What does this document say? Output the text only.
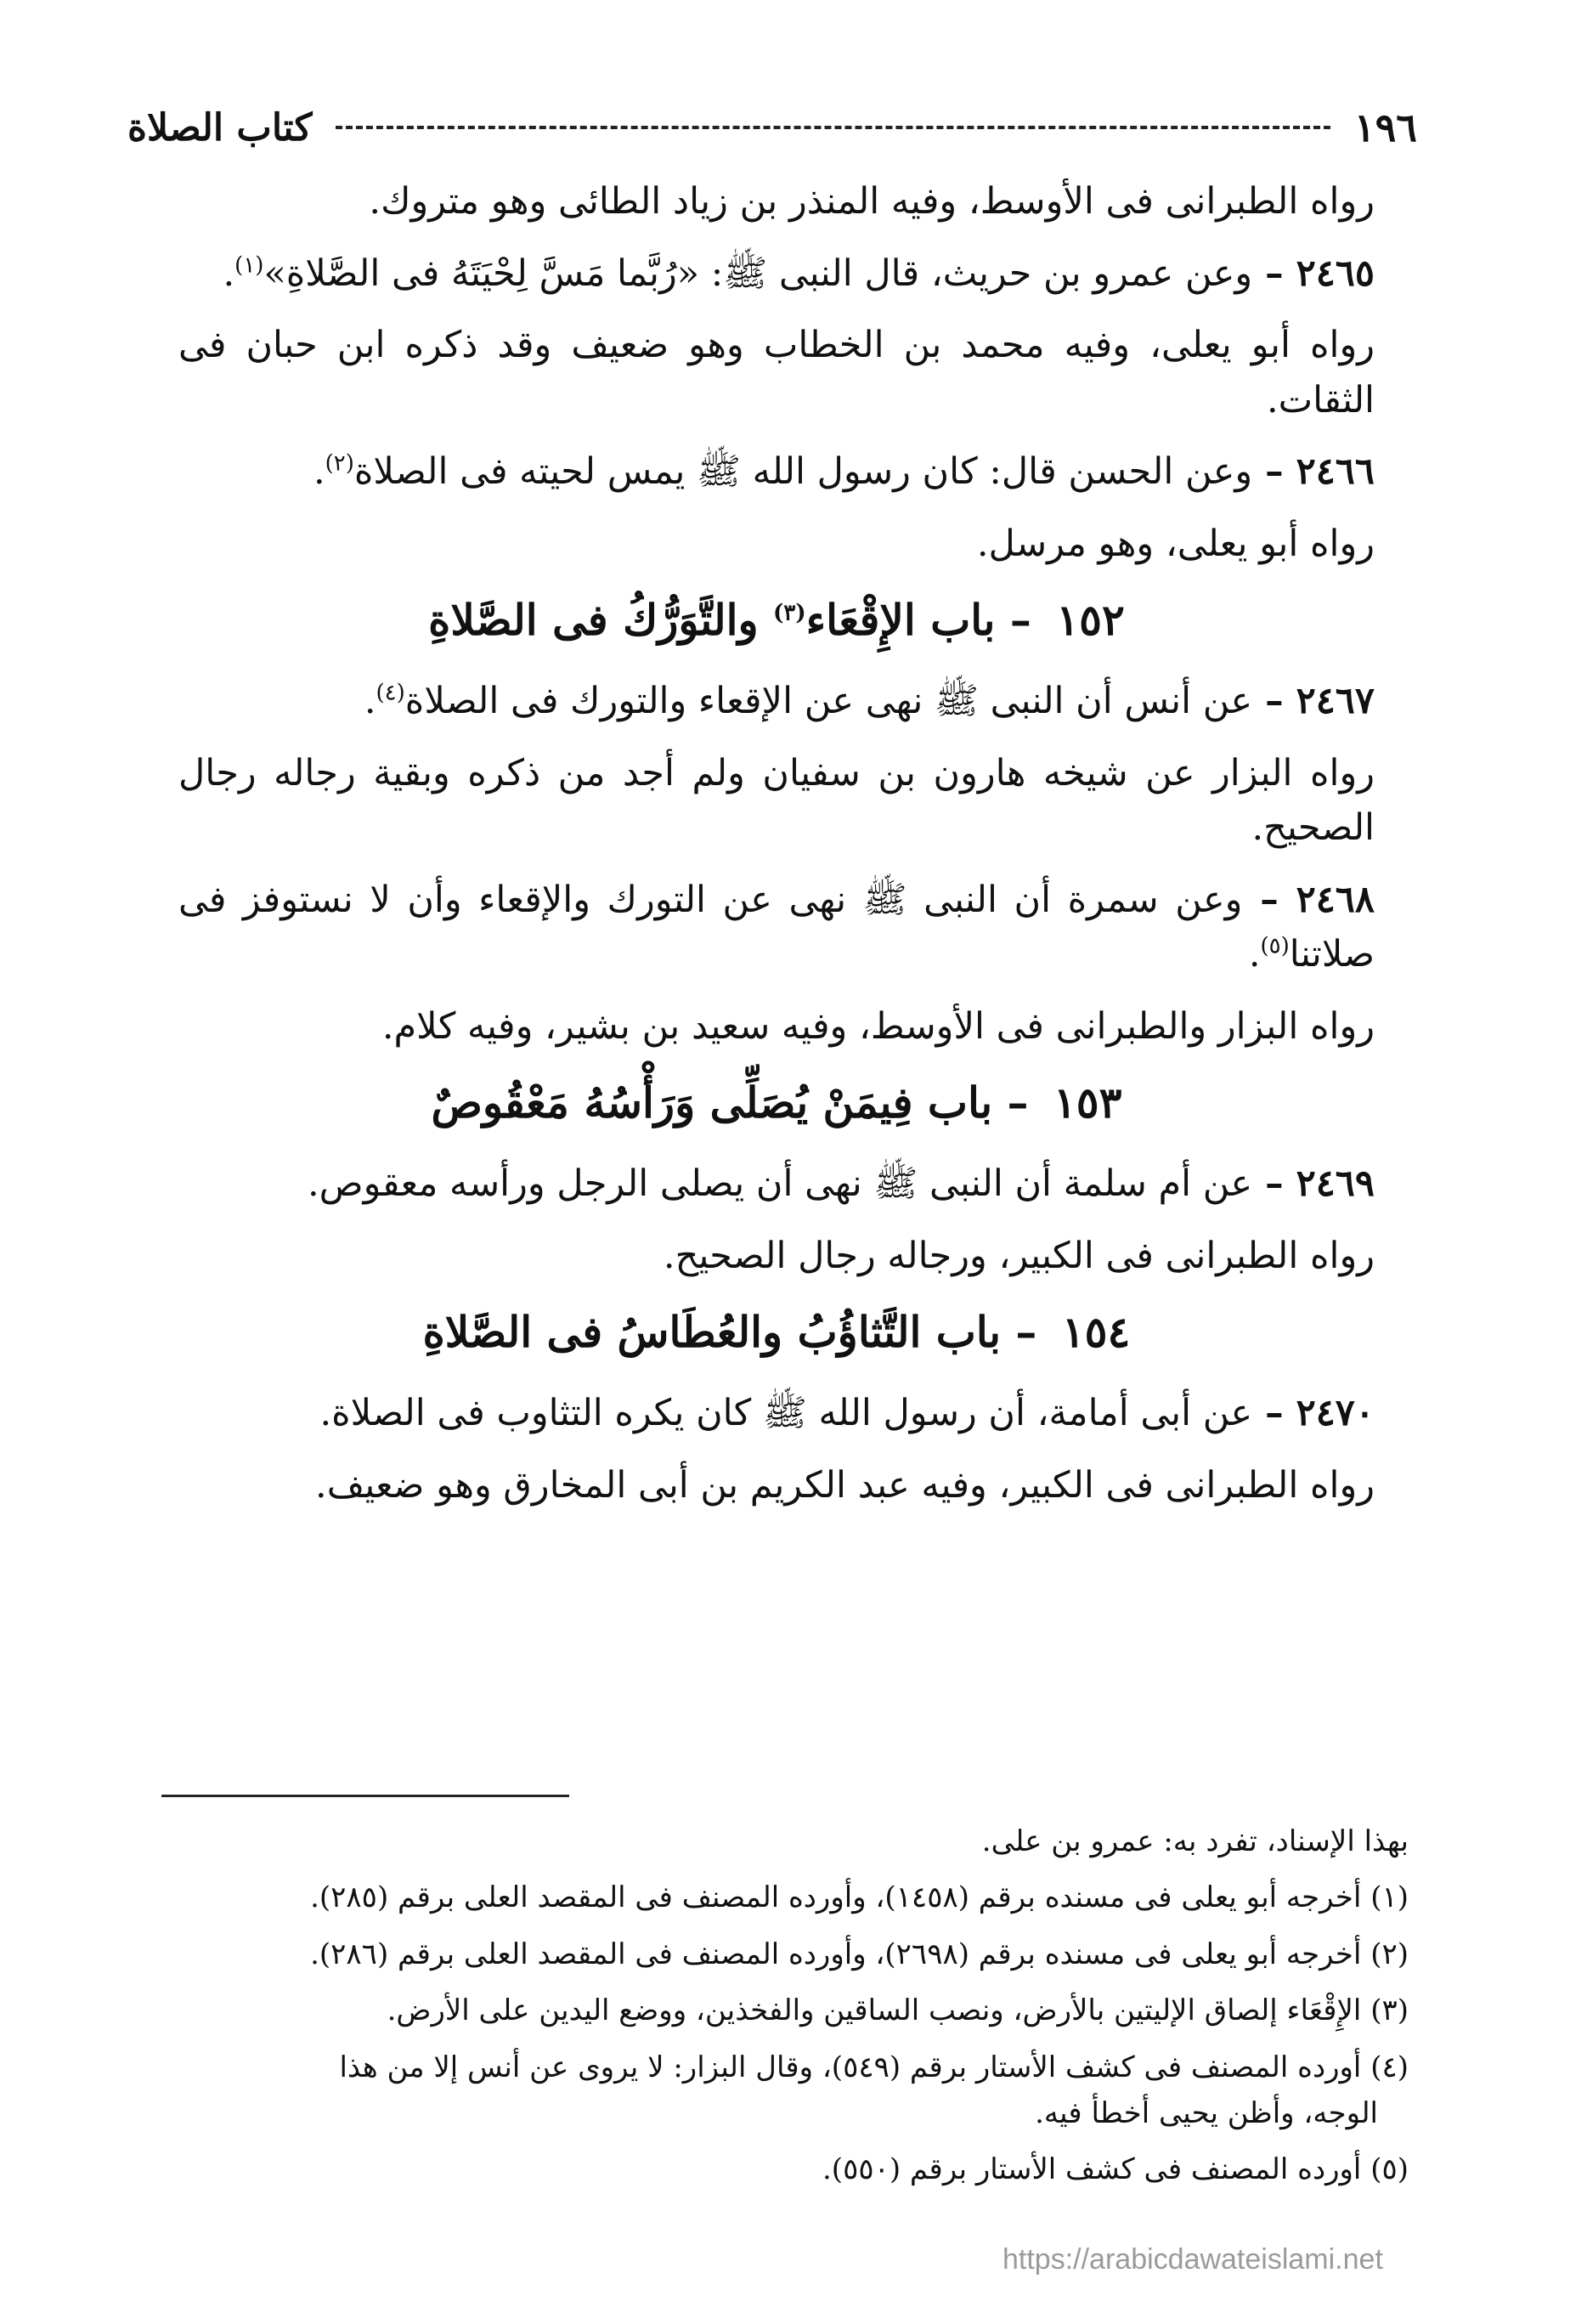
١٩٦
كتاب الصلاة

رواه الطبرانى فى الأوسط، وفيه المنذر بن زياد الطائى وهو متروك.

٢٤٦٥ – وعن عمرو بن حريث، قال النبى ﷺ: «رُبَّما مَسَّ لِحْيَتَهُ فى الصَّلاةِ»$^{(١)}$.

رواه أبو يعلى، وفيه محمد بن الخطاب وهو ضعيف وقد ذكره ابن حبان فى الثقات.

٢٤٦٦ – وعن الحسن قال: كان رسول الله ﷺ يمس لحيته فى الصلاة$^{(٢)}$.

رواه أبو يعلى، وهو مرسل.

١٥٢ – باب الإِقْعَاء$^{(٣)}$ والتَّوَرُّكُ فى الصَّلاةِ

٢٤٦٧ – عن أنس أن النبى ﷺ نهى عن الإقعاء والتورك فى الصلاة$^{(٤)}$.

رواه البزار عن شيخه هارون بن سفيان ولم أجد من ذكره وبقية رجاله رجال الصحيح.

٢٤٦٨ – وعن سمرة أن النبى ﷺ نهى عن التورك والإقعاء وأن لا نستوفز فى صلاتنا$^{(٥)}$.

رواه البزار والطبرانى فى الأوسط، وفيه سعيد بن بشير، وفيه كلام.

١٥٣ – باب فِيمَنْ يُصَلِّى وَرَأْسُهُ مَعْقُوصٌ

٢٤٦٩ – عن أم سلمة أن النبى ﷺ نهى أن يصلى الرجل ورأسه معقوص.

رواه الطبرانى فى الكبير، ورجاله رجال الصحيح.

١٥٤ – باب التَّثاؤُبُ والعُطَاسُ فى الصَّلاةِ

٢٤٧٠ – عن أبى أمامة، أن رسول الله ﷺ كان يكره التثاوب فى الصلاة.

رواه الطبرانى فى الكبير، وفيه عبد الكريم بن أبى المخارق وهو ضعيف.

بهذا الإسناد، تفرد به: عمرو بن على.
(١) أخرجه أبو يعلى فى مسنده برقم (١٤٥٨)، وأورده المصنف فى المقصد العلى برقم (٢٨٥).
(٢) أخرجه أبو يعلى فى مسنده برقم (٢٦٩٨)، وأورده المصنف فى المقصد العلى برقم (٢٨٦).
(٣) الإِقْعَاء إلصاق الإليتين بالأرض، ونصب الساقين والفخذين، ووضع اليدين على الأرض.
(٤) أورده المصنف فى كشف الأستار برقم (٥٤٩)، وقال البزار: لا يروى عن أنس إلا من هذا
الوجه، وأظن يحيى أخطأ فيه.
(٥) أورده المصنف فى كشف الأستار برقم (٥٥٠).
https://arabicdawateislami.net
